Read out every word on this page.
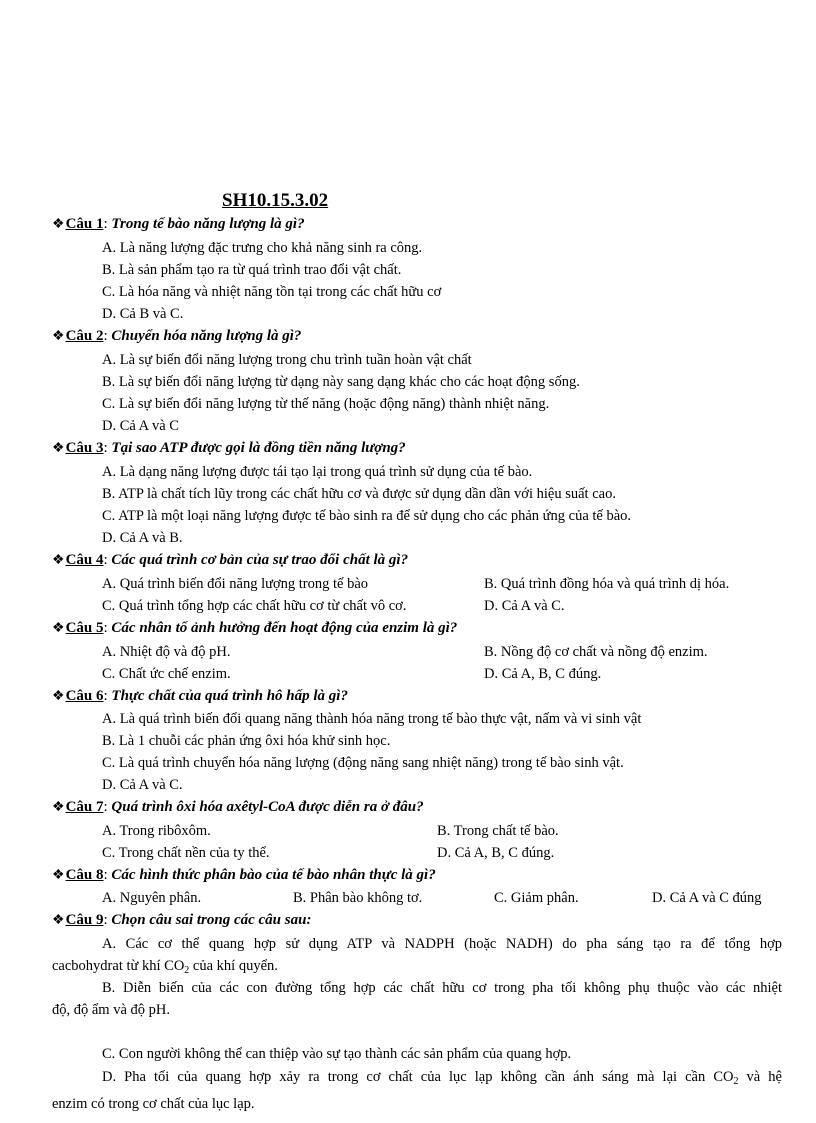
SH10.15.3.02
❖Câu 1: Trong tế bào năng lượng là gì?
A. Là năng lượng đặc trưng cho khả năng sinh ra công.
B. Là sản phẩm tạo ra từ quá trình trao đổi vật chất.
C. Là hóa năng và nhiệt năng tồn tại trong các chất hữu cơ
D. Cả B và C.
❖Câu 2: Chuyển hóa năng lượng là gì?
A. Là sự biến đổi năng lượng trong chu trình tuần hoàn vật chất
B. Là sự biến đổi năng lượng từ dạng này sang dạng khác cho các hoạt động sống.
C. Là sự biến đổi năng lượng từ thế năng (hoặc động năng) thành nhiệt năng.
D. Cả A và C
❖Câu 3: Tại sao ATP được gọi là đồng tiền năng lượng?
A. Là dạng năng lượng được tái tạo lại trong quá trình sử dụng của tế bào.
B. ATP là chất tích lũy trong các chất hữu cơ và được sử dụng dần dần với hiệu suất cao.
C. ATP là một loại năng lượng được tế bào sinh ra để sử dụng cho các phản ứng của tế bào.
D. Cả A và B.
❖Câu 4: Các quá trình cơ bản của sự trao đổi chất là gì?
A. Quá trình biến đổi năng lượng trong tế bào	B. Quá trình đồng hóa và quá trình dị hóa.
C. Quá trình tổng hợp các chất hữu cơ từ chất vô cơ.	D. Cả A và C.
❖Câu 5: Các nhân tố ảnh hưởng đến hoạt động của enzim là gì?
A. Nhiệt độ và độ pH.	B. Nồng độ cơ chất và nồng độ enzim.
C. Chất ức chế enzim.	D. Cả A, B, C đúng.
❖Câu 6: Thực chất của quá trình hô hấp là gì?
A. Là quá trình biến đổi quang năng thành hóa năng trong tế bào thực vật, nấm và vi sinh vật
B. Là 1 chuỗi các phản ứng ôxi hóa khử sinh học.
C. Là quá trình chuyển hóa năng lượng (động năng sang nhiệt năng) trong tế bào sinh vật.
D. Cả A và C.
❖Câu 7: Quá trình ôxi hóa axêtyl-CoA được diễn ra ở đâu?
A. Trong ribôxôm.	B. Trong chất tế bào.
C. Trong chất nền của ty thể.	D. Cả A, B, C đúng.
❖Câu 8: Các hình thức phân bào của tế bào nhân thực là gì?
A. Nguyên phân.	B. Phân bào không tơ.	C. Giảm phân.	D. Cả A và C đúng
❖Câu 9: Chọn câu sai trong các câu sau:
A. Các cơ thể quang hợp sử dụng ATP và NADPH (hoặc NADH) do pha sáng tạo ra để tổng hợp
cacbohydrat từ khí $CO_2$ của khí quyển.
B. Diễn biến của các con đường tổng hợp các chất hữu cơ trong pha tối không phụ thuộc vào các nhiệt
độ, độ ẩm và độ pH.
C. Con người không thể can thiệp vào sự tạo thành các sản phẩm của quang hợp.
D. Pha tối của quang hợp xảy ra trong cơ chất của lục lạp không cần ánh sáng mà lại cần $CO_2$ và hệ
enzim có trong cơ chất của lục lạp.
